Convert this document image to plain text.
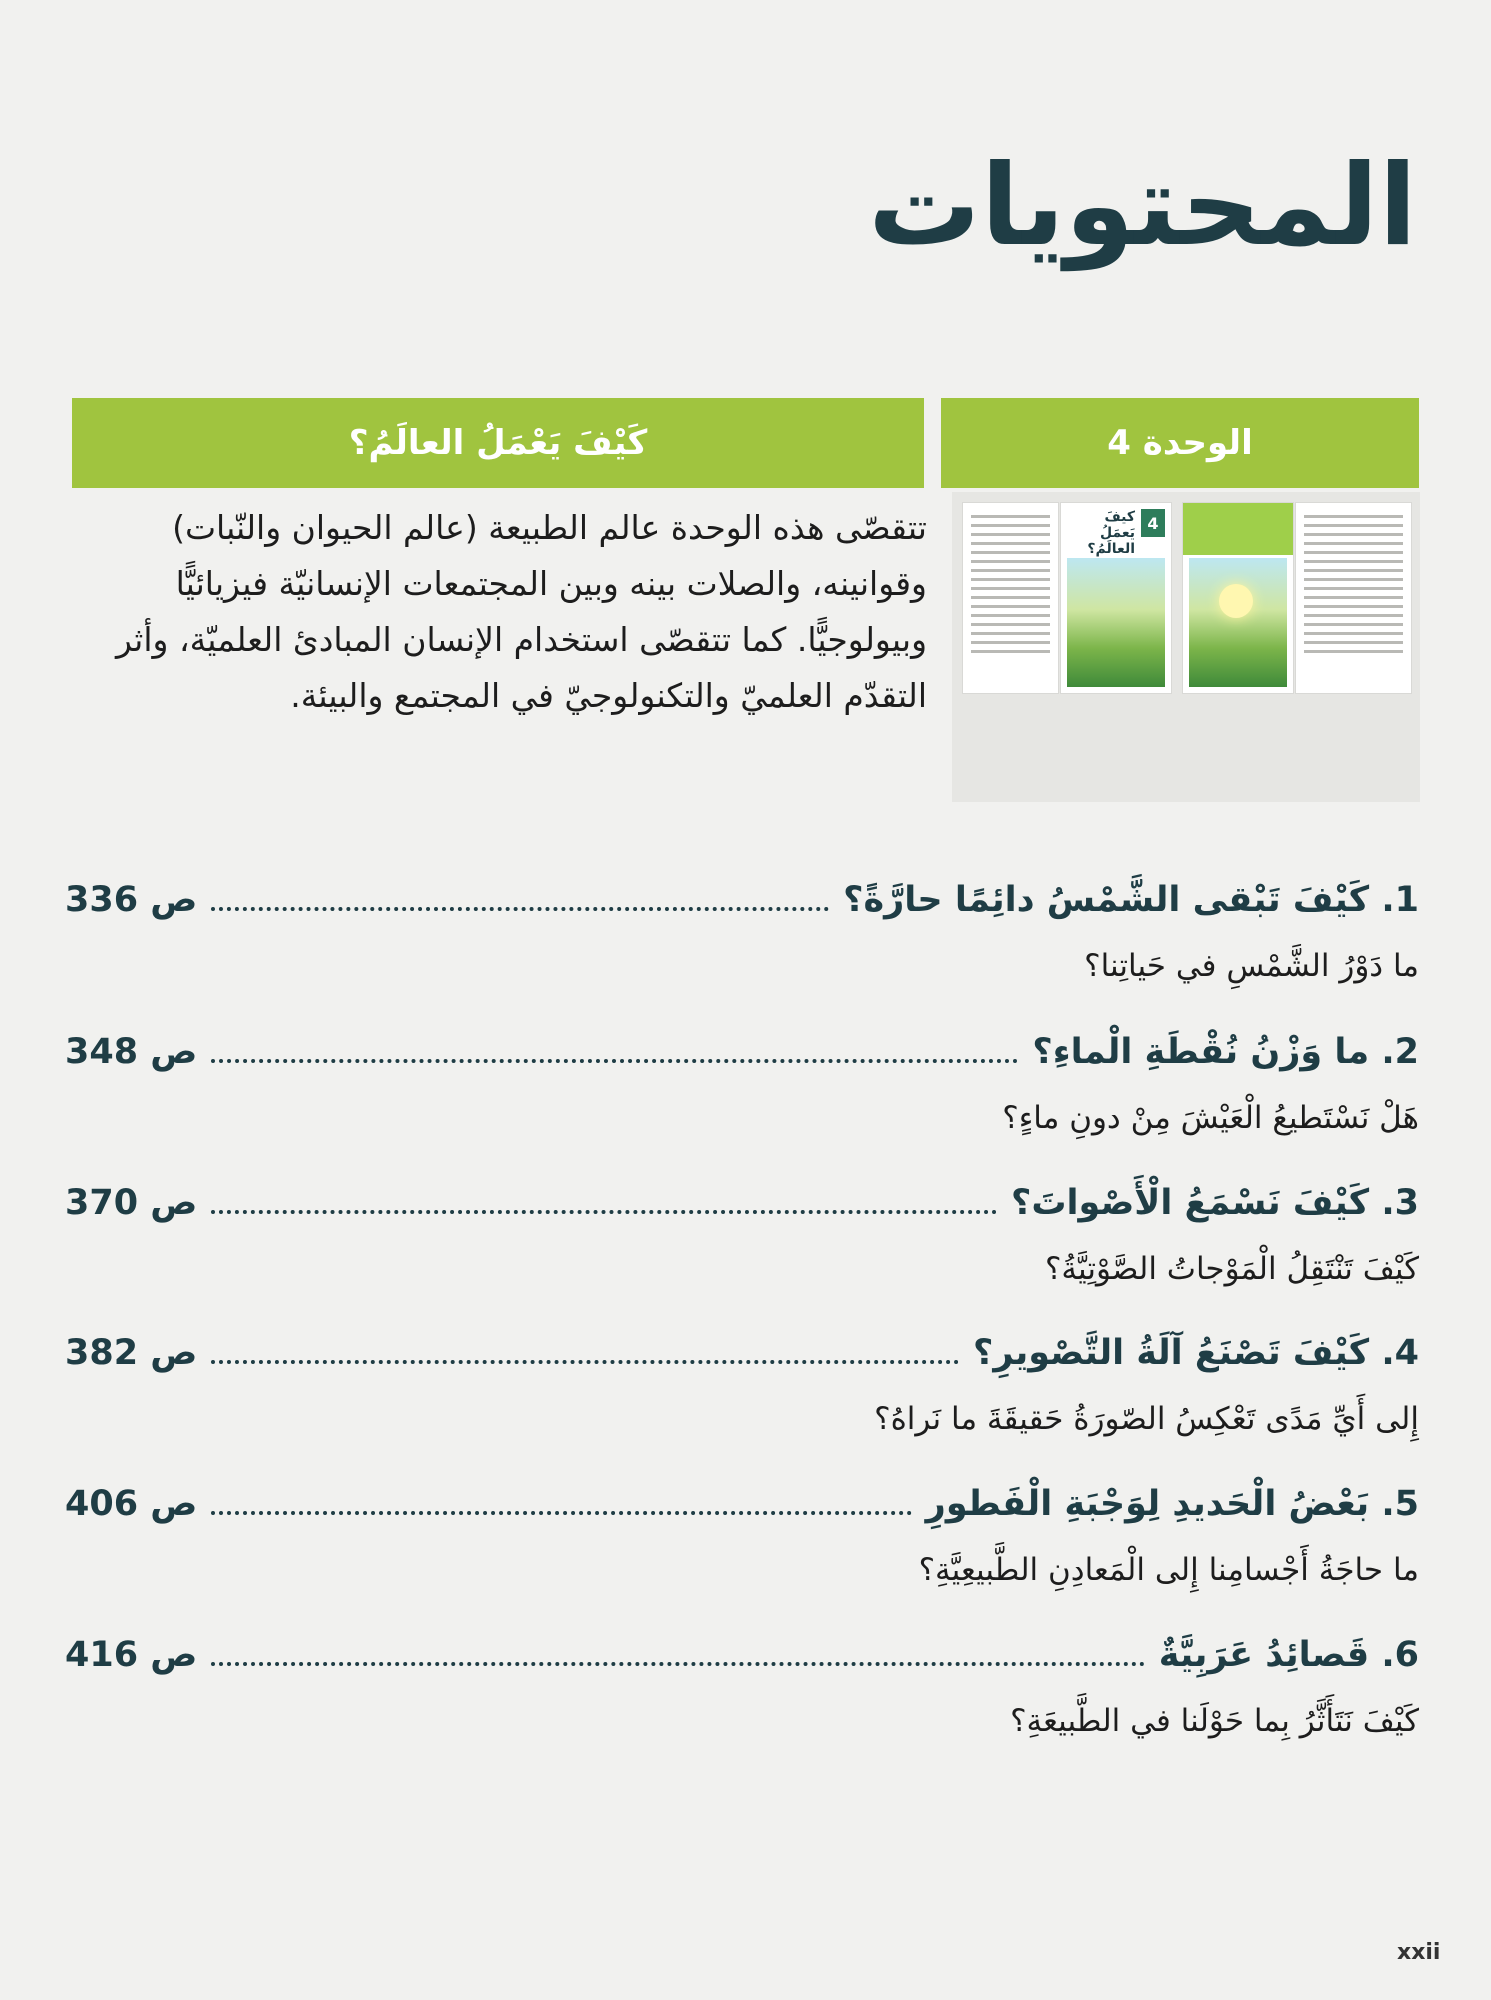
المحتويات
الوحدة 4
كَيْفَ يَعْمَلُ العالَمُ؟
4
كيفَ يَعمَلُ العالَمُ؟
تتقصّى هذه الوحدة عالم الطبيعة (عالم الحيوان والنّبات) وقوانينه، والصلات بينه وبين المجتمعات الإنسانيّة فيزيائيًّا وبيولوجيًّا. كما تتقصّى استخدام الإنسان المبادئ العلميّة، وأثر التقدّم العلميّ والتكنولوجيّ في المجتمع والبيئة.
1. كَيْفَ تَبْقى الشَّمْسُ دائِمًا حارَّةً؟
ص 336
ما دَوْرُ الشَّمْسِ في حَياتِنا؟
2. ما وَزْنُ نُقْطَةِ الْماءِ؟
ص 348
هَلْ نَسْتَطيعُ الْعَيْشَ مِنْ دونِ ماءٍ؟
3. كَيْفَ نَسْمَعُ الْأَصْواتَ؟
ص 370
كَيْفَ تَنْتَقِلُ الْمَوْجاتُ الصَّوْتِيَّةُ؟
4. كَيْفَ تَصْنَعُ آلَةُ التَّصْويرِ؟
ص 382
إِلى أَيِّ مَدًى تَعْكِسُ الصّورَةُ حَقيقَةَ ما نَراهُ؟
5. بَعْضُ الْحَديدِ لِوَجْبَةِ الْفَطورِ
ص 406
ما حاجَةُ أَجْسامِنا إِلى الْمَعادِنِ الطَّبيعِيَّةِ؟
6. قَصائِدُ عَرَبِيَّةٌ
ص 416
كَيْفَ نَتَأَثَّرُ بِما حَوْلَنا في الطَّبيعَةِ؟
xxii
